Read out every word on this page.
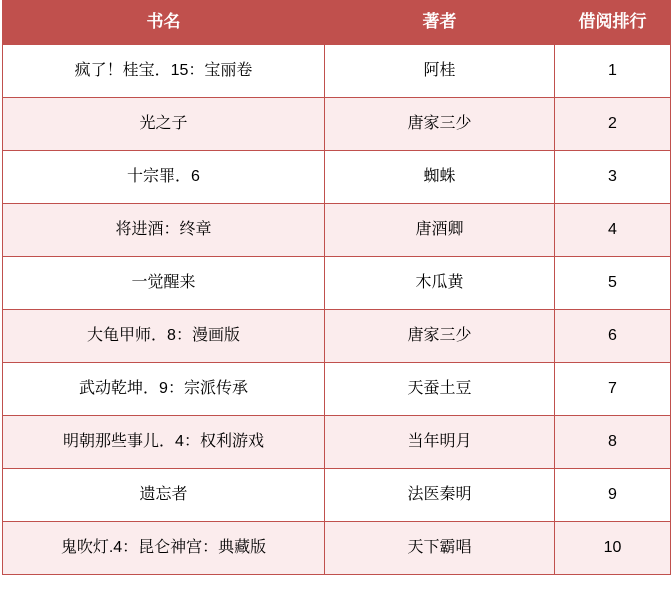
书名	著者	借阅排行

疯了！桂宝．15：宝丽卷	阿桂	1

光之子	唐家三少	2

十宗罪．6	蜘蛛	3

将进酒：终章	唐酒卿	4

一觉醒来	木瓜黄	5

大龟甲师．8：漫画版	唐家三少	6

武动乾坤．9：宗派传承	天蚕土豆	7

明朝那些事儿．4：权利游戏	当年明月	8

遗忘者	法医秦明	9

鬼吹灯.4：昆仑神宫：典藏版	天下霸唱	10
